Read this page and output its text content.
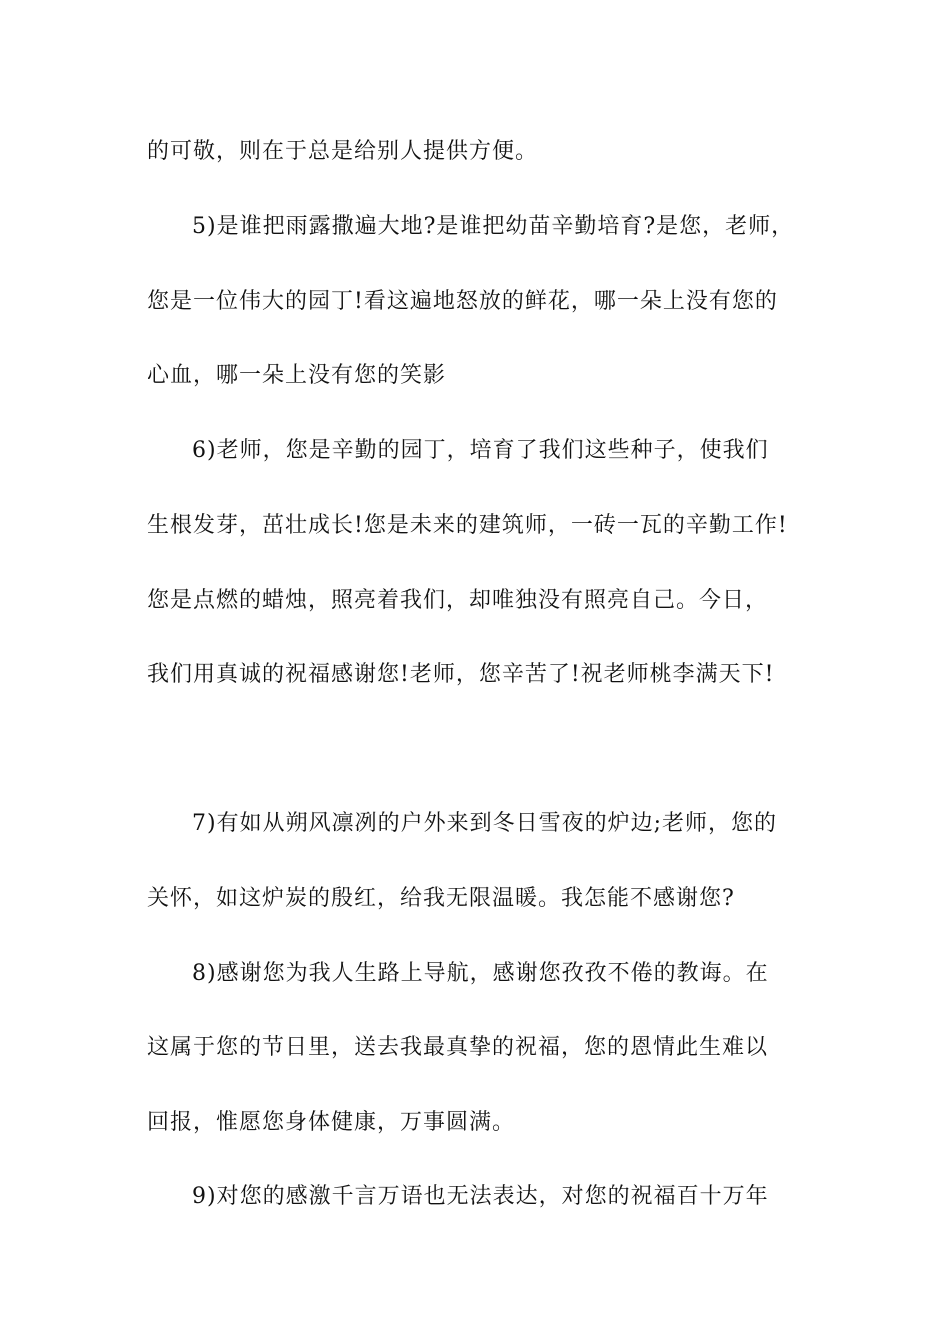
的可敬，则在于总是给别人提供方便。
5)是谁把雨露撒遍大地?是谁把幼苗辛勤培育?是您，老师，
您是一位伟大的园丁!看这遍地怒放的鲜花，哪一朵上没有您的
心血，哪一朵上没有您的笑影
6)老师，您是辛勤的园丁，培育了我们这些种子，使我们
生根发芽，茁壮成长!您是未来的建筑师，一砖一瓦的辛勤工作!
您是点燃的蜡烛，照亮着我们，却唯独没有照亮自己。今日，
我们用真诚的祝福感谢您!老师，您辛苦了!祝老师桃李满天下!
7)有如从朔风凛冽的户外来到冬日雪夜的炉边;老师，您的
关怀，如这炉炭的殷红，给我无限温暖。我怎能不感谢您?
8)感谢您为我人生路上导航，感谢您孜孜不倦的教诲。在
这属于您的节日里，送去我最真挚的祝福，您的恩情此生难以
回报，惟愿您身体健康，万事圆满。
9)对您的感激千言万语也无法表达，对您的祝福百十万年
